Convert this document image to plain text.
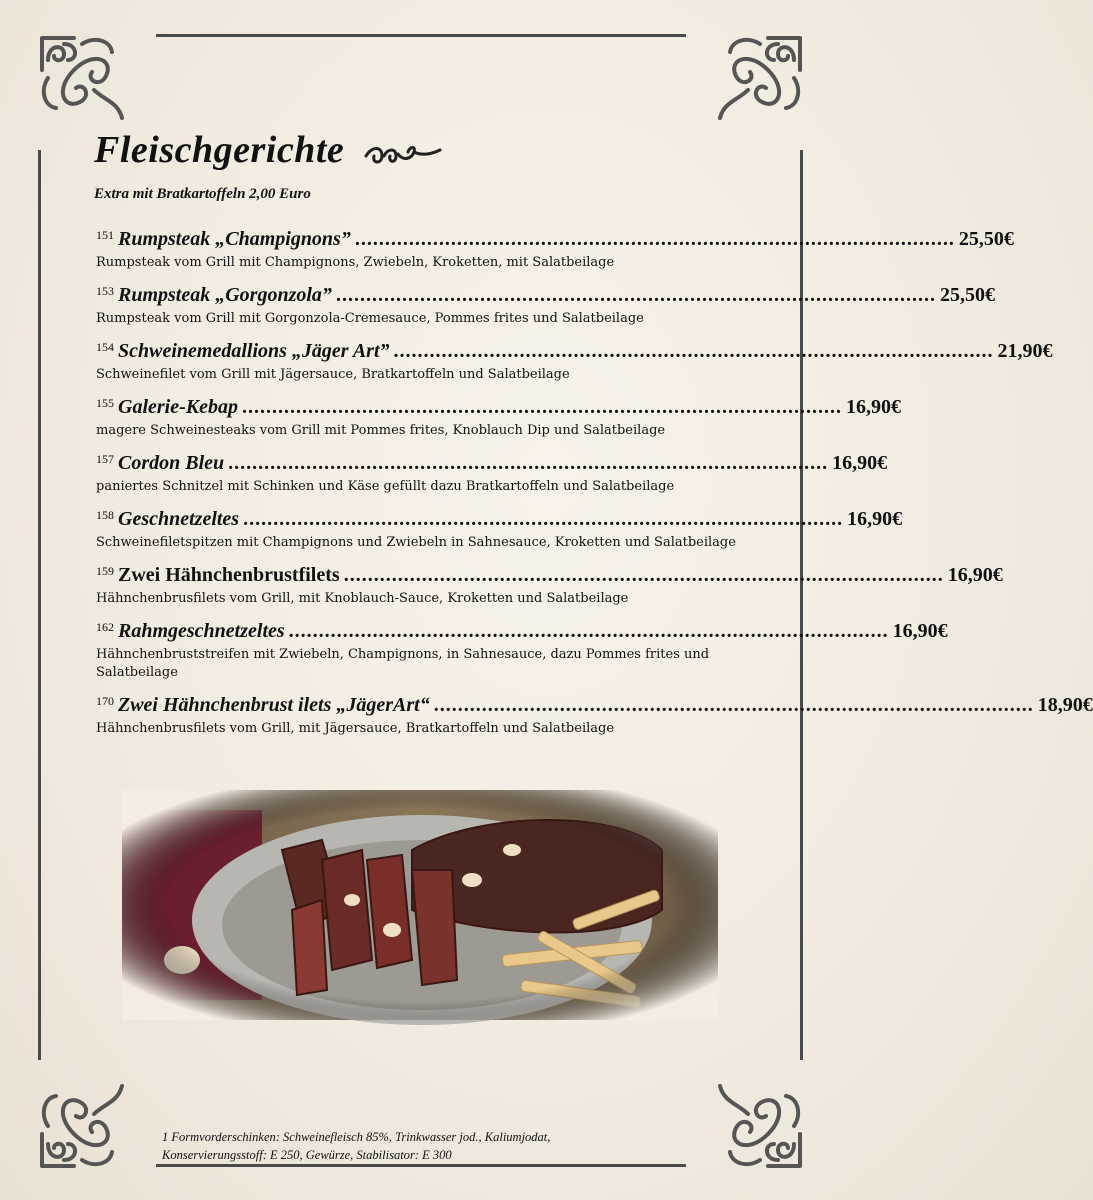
Fleischgerichte
Extra mit Bratkartoffeln 2,00 Euro
151 Rumpsteak „Champignons” .................................................................................................... 25,50€
Rumpsteak vom Grill mit Champignons, Zwiebeln, Kroketten, mit Salatbeilage
153 Rumpsteak „Gorgonzola” .................................................................................................... 25,50€
Rumpsteak vom Grill mit Gorgonzola-Cremesauce, Pommes frites und Salatbeilage
154 Schweinemedallions „Jäger Art” .................................................................................................... 21,90€
Schweinefilet vom Grill mit Jägersauce, Bratkartoffeln und Salatbeilage
155 Galerie-Kebap .................................................................................................... 16,90€
magere Schweinesteaks vom Grill mit Pommes frites, Knoblauch Dip und Salatbeilage
157 Cordon Bleu .................................................................................................... 16,90€
paniertes Schnitzel mit Schinken und Käse gefüllt dazu Bratkartoffeln und Salatbeilage
158 Geschnetzeltes .................................................................................................... 16,90€
Schweinefiletspitzen mit Champignons und Zwiebeln in Sahnesauce, Kroketten und Salatbeilage
159 Zwei Hähnchenbrustfilets .................................................................................................... 16,90€
Hähnchenbrusfilets vom Grill, mit Knoblauch-Sauce, Kroketten und Salatbeilage
162 Rahmgeschnetzeltes .................................................................................................... 16,90€
Hähnchenbruststreifen mit Zwiebeln, Champignons, in Sahnesauce, dazu Pommes frites und Salatbeilage
170 Zwei Hähnchenbrust ilets „JägerArt“ .................................................................................................... 18,90€
Hähnchenbrusfilets vom Grill, mit Jägersauce, Bratkartoffeln und Salatbeilage
1 Formvorderschinken: Schweinefleisch 85%, Trinkwasser jod., Kaliumjodat,
Konservierungsstoff: E 250, Gewürze, Stabilisator: E 300
